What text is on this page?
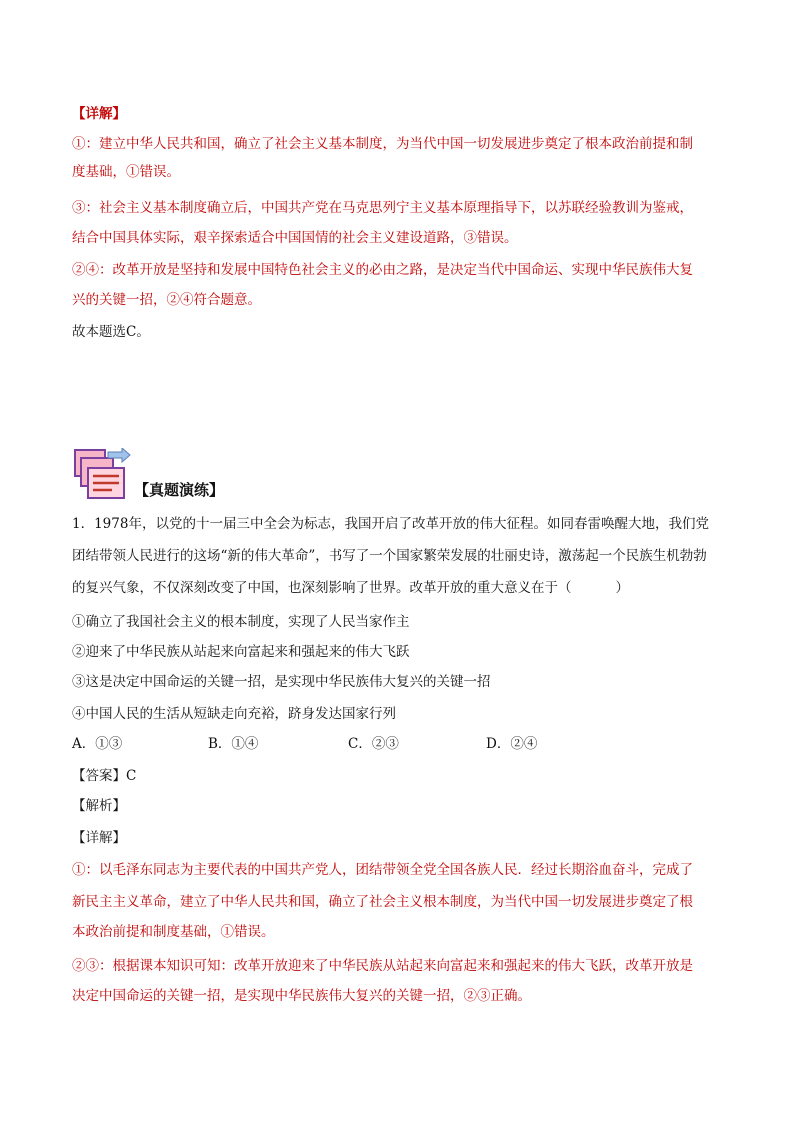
【详解】
①：建立中华人民共和国，确立了社会主义基本制度，为当代中国一切发展进步奠定了根本政治前提和制
度基础，①错误。
③：社会主义基本制度确立后，中国共产党在马克思列宁主义基本原理指导下，以苏联经验教训为鉴戒，
结合中国具体实际，艰辛探索适合中国国情的社会主义建设道路，③错误。
②④：改革开放是坚持和发展中国特色社会主义的必由之路，是决定当代中国命运、实现中华民族伟大复
兴的关键一招，②④符合题意。
故本题选C。
【真题演练】
1．1978年，以党的十一届三中全会为标志，我国开启了改革开放的伟大征程。如同春雷唤醒大地，我们党
团结带领人民进行的这场“新的伟大革命”，书写了一个国家繁荣发展的壮丽史诗，激荡起一个民族生机勃勃
的复兴气象，不仅深刻改变了中国，也深刻影响了世界。改革开放的重大意义在于（	）
①确立了我国社会主义的根本制度，实现了人民当家作主
②迎来了中华民族从站起来向富起来和强起来的伟大飞跃
③这是决定中国命运的关键一招，是实现中华民族伟大复兴的关键一招
④中国人民的生活从短缺走向充裕，跻身发达国家行列
A．①③	B．①④	C．②③	D．②④
【答案】C
【解析】
【详解】
①：以毛泽东同志为主要代表的中国共产党人，团结带领全党全国各族人民．经过长期浴血奋斗，完成了
新民主主义革命，建立了中华人民共和国，确立了社会主义根本制度，为当代中国一切发展进步奠定了根
本政治前提和制度基础，①错误。
②③：根据课本知识可知：改革开放迎来了中华民族从站起来向富起来和强起来的伟大飞跃，改革开放是
决定中国命运的关键一招，是实现中华民族伟大复兴的关键一招，②③正确。
